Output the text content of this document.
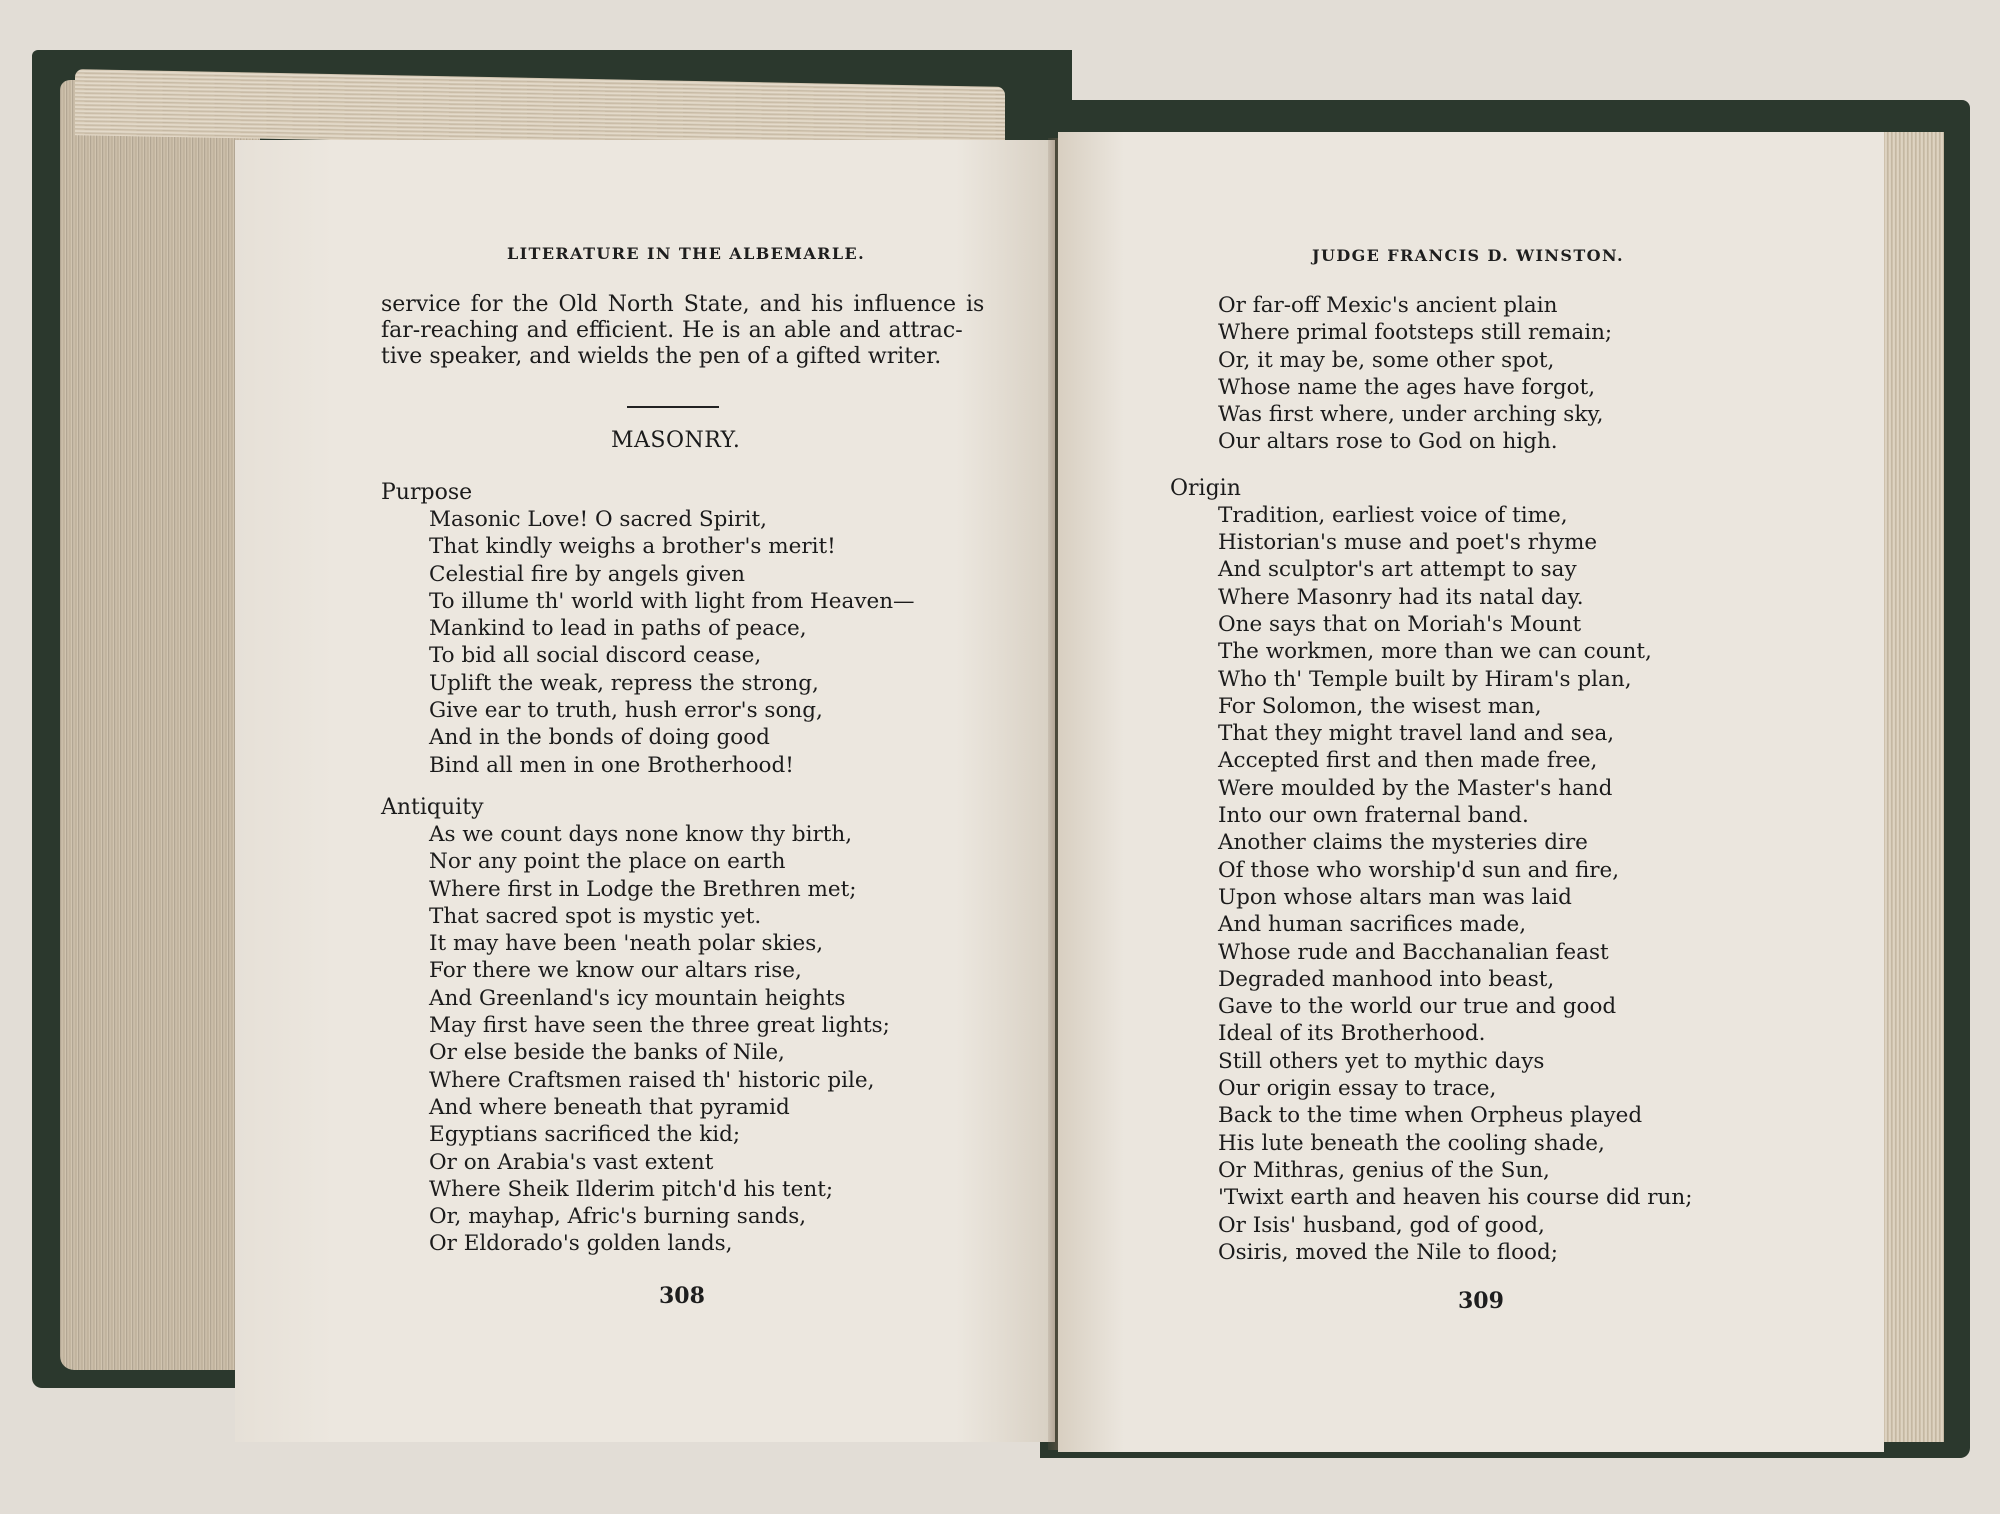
LITERATURE IN THE ALBEMARLE.
service for the Old North State, and his influence is
far-reaching and efficient. He is an able and attrac-
tive speaker, and wields the pen of a gifted writer.
MASONRY.
Purpose
Masonic Love! O sacred Spirit,
That kindly weighs a brother's merit!
Celestial fire by angels given
To illume th' world with light from Heaven—
Mankind to lead in paths of peace,
To bid all social discord cease,
Uplift the weak, repress the strong,
Give ear to truth, hush error's song,
And in the bonds of doing good
Bind all men in one Brotherhood!
Antiquity
As we count days none know thy birth,
Nor any point the place on earth
Where first in Lodge the Brethren met;
That sacred spot is mystic yet.
It may have been 'neath polar skies,
For there we know our altars rise,
And Greenland's icy mountain heights
May first have seen the three great lights;
Or else beside the banks of Nile,
Where Craftsmen raised th' historic pile,
And where beneath that pyramid
Egyptians sacrificed the kid;
Or on Arabia's vast extent
Where Sheik Ilderim pitch'd his tent;
Or, mayhap, Afric's burning sands,
Or Eldorado's golden lands,
308
JUDGE FRANCIS D. WINSTON.
Or far-off Mexic's ancient plain
Where primal footsteps still remain;
Or, it may be, some other spot,
Whose name the ages have forgot,
Was first where, under arching sky,
Our altars rose to God on high.
Origin
Tradition, earliest voice of time,
Historian's muse and poet's rhyme
And sculptor's art attempt to say
Where Masonry had its natal day.
One says that on Moriah's Mount
The workmen, more than we can count,
Who th' Temple built by Hiram's plan,
For Solomon, the wisest man,
That they might travel land and sea,
Accepted first and then made free,
Were moulded by the Master's hand
Into our own fraternal band.
Another claims the mysteries dire
Of those who worship'd sun and fire,
Upon whose altars man was laid
And human sacrifices made,
Whose rude and Bacchanalian feast
Degraded manhood into beast,
Gave to the world our true and good
Ideal of its Brotherhood.
Still others yet to mythic days
Our origin essay to trace,
Back to the time when Orpheus played
His lute beneath the cooling shade,
Or Mithras, genius of the Sun,
'Twixt earth and heaven his course did run;
Or Isis' husband, god of good,
Osiris, moved the Nile to flood;
309
